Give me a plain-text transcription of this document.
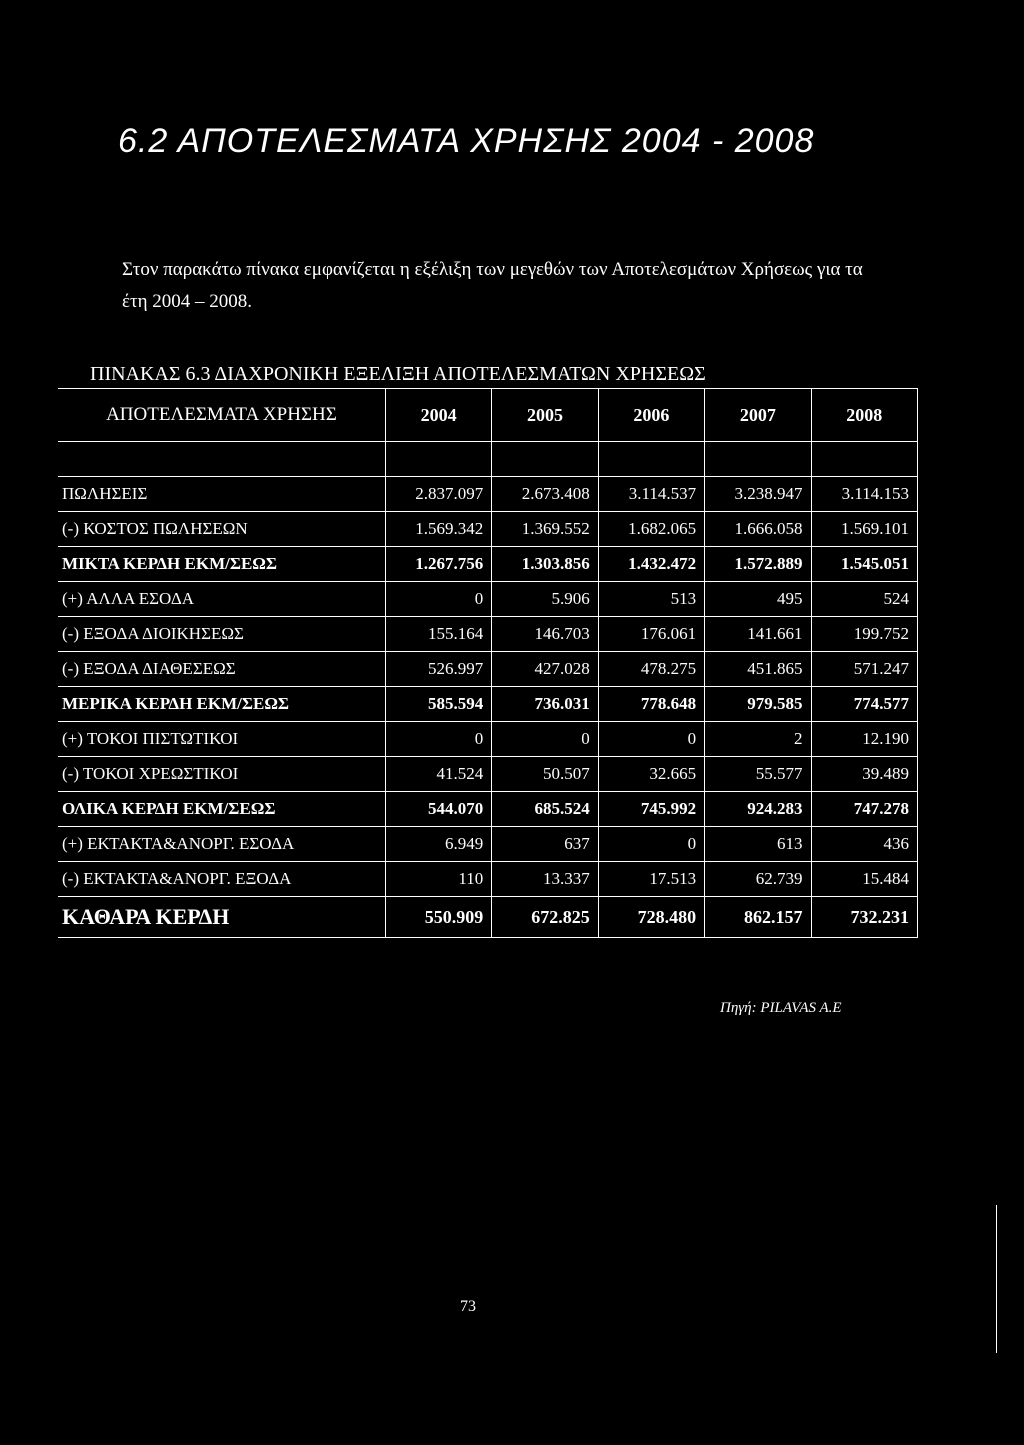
6.2 ΑΠΟΤΕΛΕΣΜΑΤΑ ΧΡΗΣΗΣ 2004 - 2008

Στον παρακάτω πίνακα εμφανίζεται η εξέλιξη των μεγεθών των Αποτελεσμάτων Χρήσεως για τα έτη 2004 – 2008.

ΠΙΝΑΚΑΣ 6.3 ΔΙΑΧΡΟΝΙΚΗ ΕΞΕΛΙΞΗ ΑΠΟΤΕΛΕΣΜΑΤΩΝ ΧΡΗΣΕΩΣ
ΑΠΟΤΕΛΕΣΜΑΤΑ ΧΡΗΣΗΣ	2004	2005	2006	2007	2008

ΠΩΛΗΣΕΙΣ	2.837.097	2.673.408	3.114.537	3.238.947	3.114.153
(-) ΚΟΣΤΟΣ ΠΩΛΗΣΕΩΝ	1.569.342	1.369.552	1.682.065	1.666.058	1.569.101
ΜΙΚΤΑ ΚΕΡΔΗ ΕΚΜ/ΣΕΩΣ	1.267.756	1.303.856	1.432.472	1.572.889	1.545.051
(+) ΑΛΛΑ ΕΣΟΔΑ	0	5.906	513	495	524
(-) ΕΞΟΔΑ ΔΙΟΙΚΗΣΕΩΣ	155.164	146.703	176.061	141.661	199.752
(-) ΕΞΟΔΑ ΔΙΑΘΕΣΕΩΣ	526.997	427.028	478.275	451.865	571.247
ΜΕΡΙΚΑ ΚΕΡΔΗ ΕΚΜ/ΣΕΩΣ	585.594	736.031	778.648	979.585	774.577
(+) ΤΟΚΟΙ ΠΙΣΤΩΤΙΚΟΙ	0	0	0	2	12.190
(-) ΤΟΚΟΙ ΧΡΕΩΣΤΙΚΟΙ	41.524	50.507	32.665	55.577	39.489
ΟΛΙΚΑ ΚΕΡΔΗ ΕΚΜ/ΣΕΩΣ	544.070	685.524	745.992	924.283	747.278
(+) ΕΚΤΑΚΤΑ&ΑΝΟΡΓ. ΕΣΟΔΑ	6.949	637	0	613	436
(-) ΕΚΤΑΚΤΑ&ΑΝΟΡΓ. ΕΞΟΔΑ	110	13.337	17.513	62.739	15.484
ΚΑΘΑΡΑ ΚΕΡΔΗ	550.909	672.825	728.480	862.157	732.231

Πηγή: PILAVAS A.E

73
